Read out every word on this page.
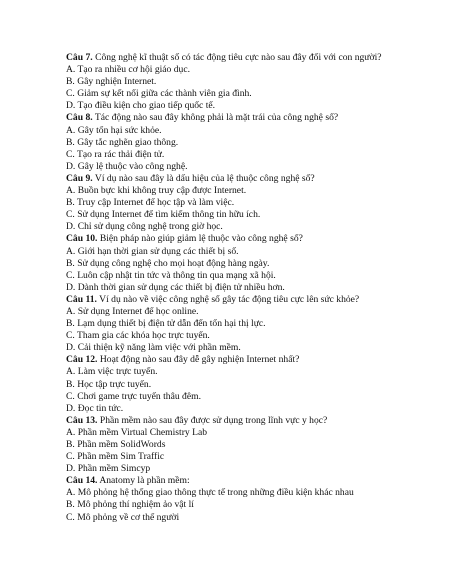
Câu 7. Công nghệ kĩ thuật số có tác động tiêu cực nào sau đây đối với con người?
A. Tạo ra nhiều cơ hội giáo dục.
B. Gây nghiện Internet.
C. Giảm sự kết nối giữa các thành viên gia đình.
D. Tạo điều kiện cho giao tiếp quốc tế.
Câu 8. Tác động nào sau đây không phải là mặt trái của công nghệ số?
A. Gây tổn hại sức khỏe.
B. Gây tắc nghẽn giao thông.
C. Tạo ra rác thải điện tử.
D. Gây lệ thuộc vào công nghệ.
Câu 9. Ví dụ nào sau đây là dấu hiệu của lệ thuộc công nghệ số?
A. Buồn bực khi không truy cập được Internet.
B. Truy cập Internet để học tập và làm việc.
C. Sử dụng Internet để tìm kiếm thông tin hữu ích.
D. Chỉ sử dụng công nghệ trong giờ học.
Câu 10. Biện pháp nào giúp giảm lệ thuộc vào công nghệ số?
A. Giới hạn thời gian sử dụng các thiết bị số.
B. Sử dụng công nghệ cho mọi hoạt động hàng ngày.
C. Luôn cập nhật tin tức và thông tin qua mạng xã hội.
D. Dành thời gian sử dụng các thiết bị điện tử nhiều hơn.
Câu 11. Ví dụ nào về việc công nghệ số gây tác động tiêu cực lên sức khỏe?
A. Sử dụng Internet để học online.
B. Lạm dụng thiết bị điện tử dẫn đến tổn hại thị lực.
C. Tham gia các khóa học trực tuyến.
D. Cải thiện kỹ năng làm việc với phần mềm.
Câu 12. Hoạt động nào sau đây dễ gây nghiện Internet nhất?
A. Làm việc trực tuyến.
B. Học tập trực tuyến.
C. Chơi game trực tuyến thâu đêm.
D. Đọc tin tức.
Câu 13. Phần mềm nào sau đây được sử dụng trong lĩnh vực y học?
A. Phần mềm Virtual Chemistry Lab
B. Phần mềm SolidWords
C. Phần mềm Sim Traffic
D. Phần mềm Simcyp
Câu 14. Anatomy là phần mềm:
A. Mô phỏng hệ thống giao thông thực tế trong những điều kiện khác nhau
B. Mô phỏng thí nghiệm ảo vật lí
C. Mô phỏng về cơ thể người
